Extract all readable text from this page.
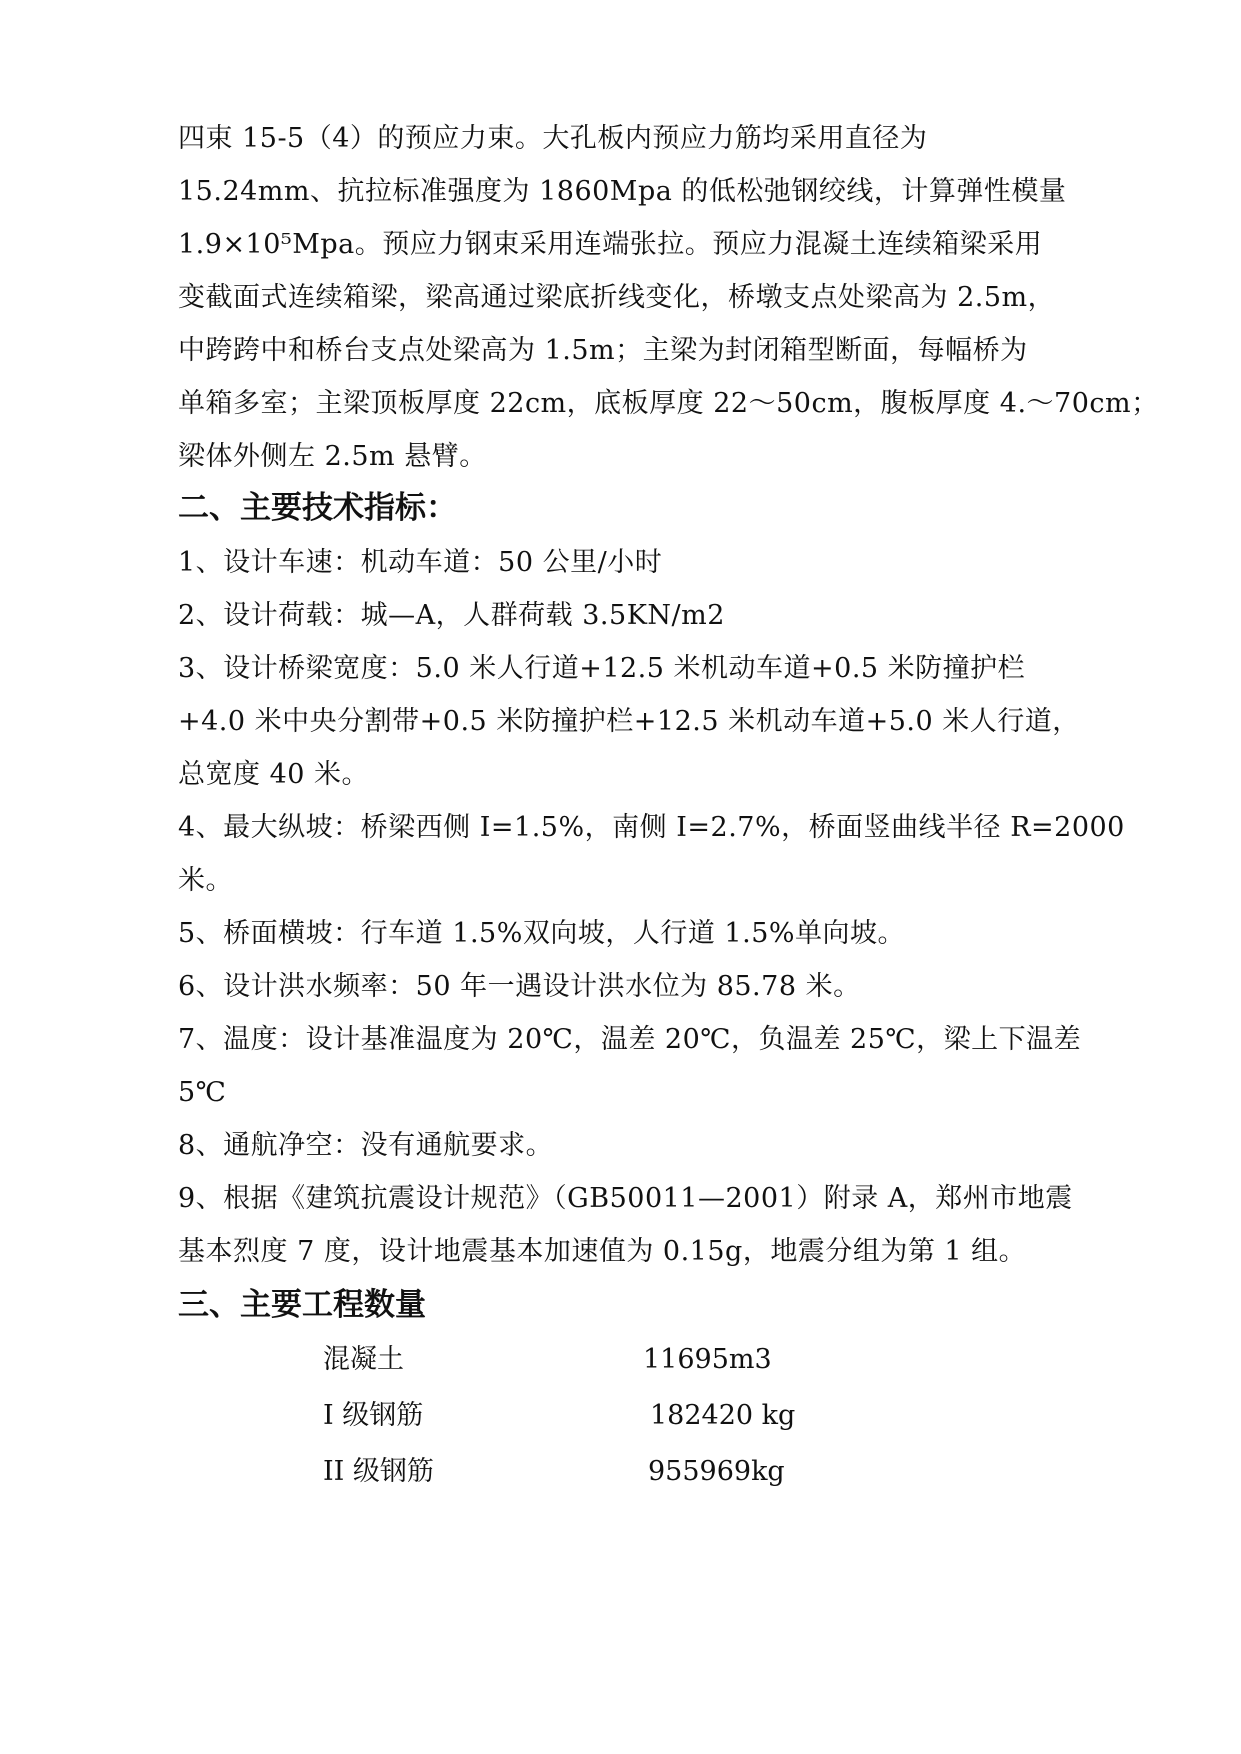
四束 15-5（4）的预应力束。大孔板内预应力筋均采用直径为
15.24mm、抗拉标准强度为 1860Mpa 的低松弛钢绞线，计算弹性模量
1.9×10⁵Mpa。预应力钢束采用连端张拉。预应力混凝土连续箱梁采用
变截面式连续箱梁，梁高通过梁底折线变化，桥墩支点处梁高为 2.5m，
中跨跨中和桥台支点处梁高为 1.5m；主梁为封闭箱型断面，每幅桥为
单箱多室；主梁顶板厚度 22cm，底板厚度 22～50cm，腹板厚度 4.～70cm；
梁体外侧左 2.5m 悬臂。
二、主要技术指标：
1、设计车速：机动车道：50 公里/小时
2、设计荷载：城—A，人群荷载 3.5KN/m2
3、设计桥梁宽度：5.0 米人行道+12.5 米机动车道+0.5 米防撞护栏
+4.0 米中央分割带+0.5 米防撞护栏+12.5 米机动车道+5.0 米人行道，
总宽度 40 米。
4、最大纵坡：桥梁西侧 I=1.5%，南侧 I=2.7%，桥面竖曲线半径 R=2000
米。
5、桥面横坡：行车道 1.5%双向坡，人行道 1.5%单向坡。
6、设计洪水频率：50 年一遇设计洪水位为 85.78 米。
7、温度：设计基准温度为 20℃，温差 20℃，负温差 25℃，梁上下温差
5℃
8、通航净空：没有通航要求。
9、根据《建筑抗震设计规范》（GB50011—2001）附录 A，郑州市地震
基本烈度 7 度，设计地震基本加速值为 0.15g，地震分组为第 1 组。
三、主要工程数量
混凝土	11695m3
I 级钢筋	182420 kg
II 级钢筋	955969kg
